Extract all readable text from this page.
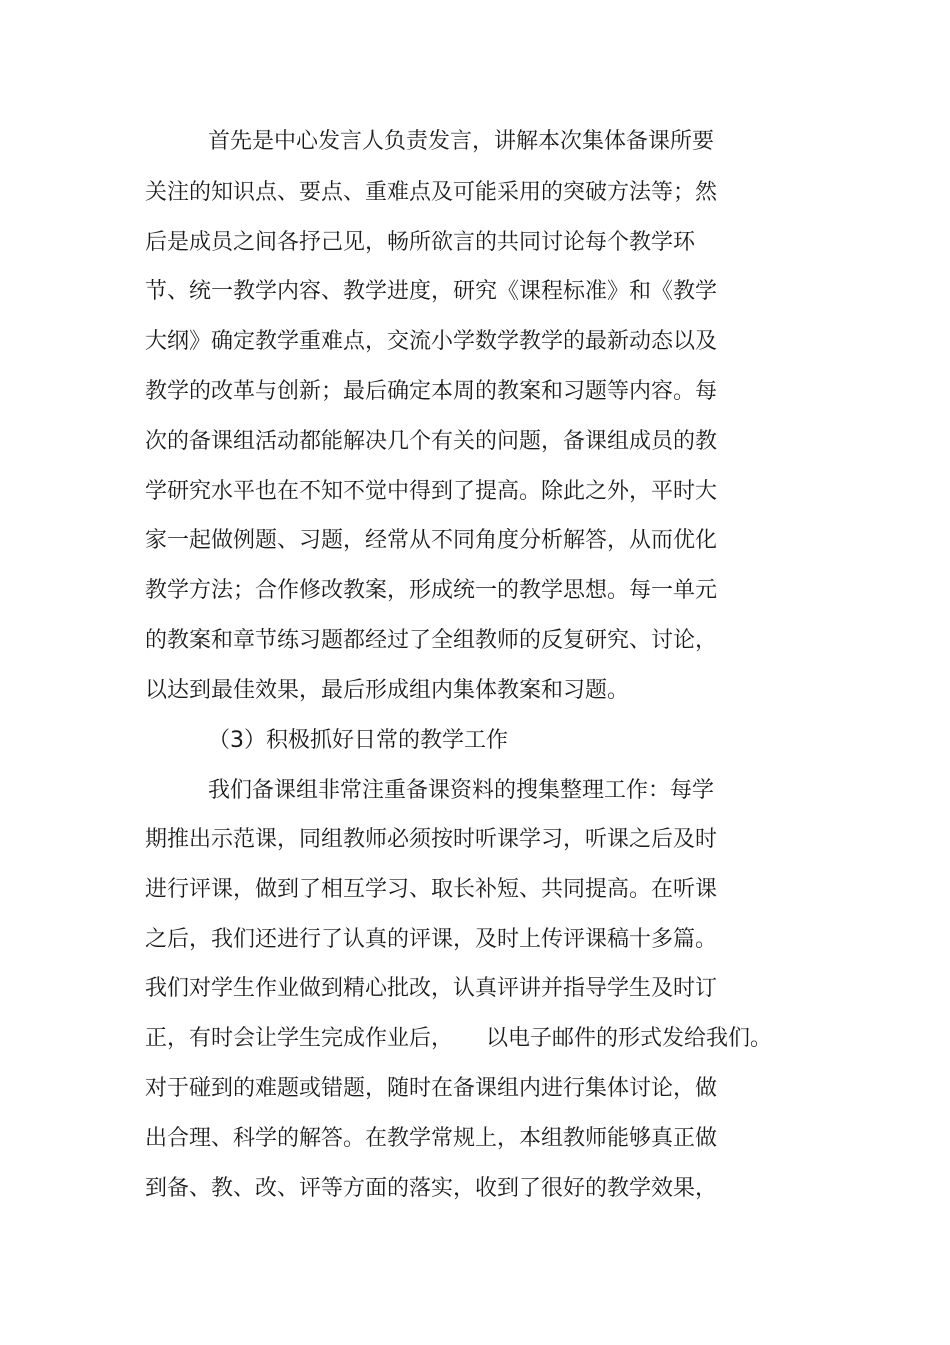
首先是中心发言人负责发言，讲解本次集体备课所要
关注的知识点、要点、重难点及可能采用的突破方法等；然
后是成员之间各抒己见，畅所欲言的共同讨论每个教学环
节、统一教学内容、教学进度，研究《课程标准》和《教学
大纲》确定教学重难点，交流小学数学教学的最新动态以及
教学的改革与创新；最后确定本周的教案和习题等内容。每
次的备课组活动都能解决几个有关的问题，备课组成员的教
学研究水平也在不知不觉中得到了提高。除此之外，平时大
家一起做例题、习题，经常从不同角度分析解答，从而优化
教学方法；合作修改教案，形成统一的教学思想。每一单元
的教案和章节练习题都经过了全组教师的反复研究、讨论，
以达到最佳效果，最后形成组内集体教案和习题。
（3）积极抓好日常的教学工作
我们备课组非常注重备课资料的搜集整理工作：每学
期推出示范课，同组教师必须按时听课学习，听课之后及时
进行评课，做到了相互学习、取长补短、共同提高。在听课
之后，我们还进行了认真的评课，及时上传评课稿十多篇。
我们对学生作业做到精心批改，认真评讲并指导学生及时订
正，有时会让学生完成作业后，　　以电子邮件的形式发给我们。
对于碰到的难题或错题，随时在备课组内进行集体讨论，做
出合理、科学的解答。在教学常规上，本组教师能够真正做
到备、教、改、评等方面的落实，收到了很好的教学效果，
